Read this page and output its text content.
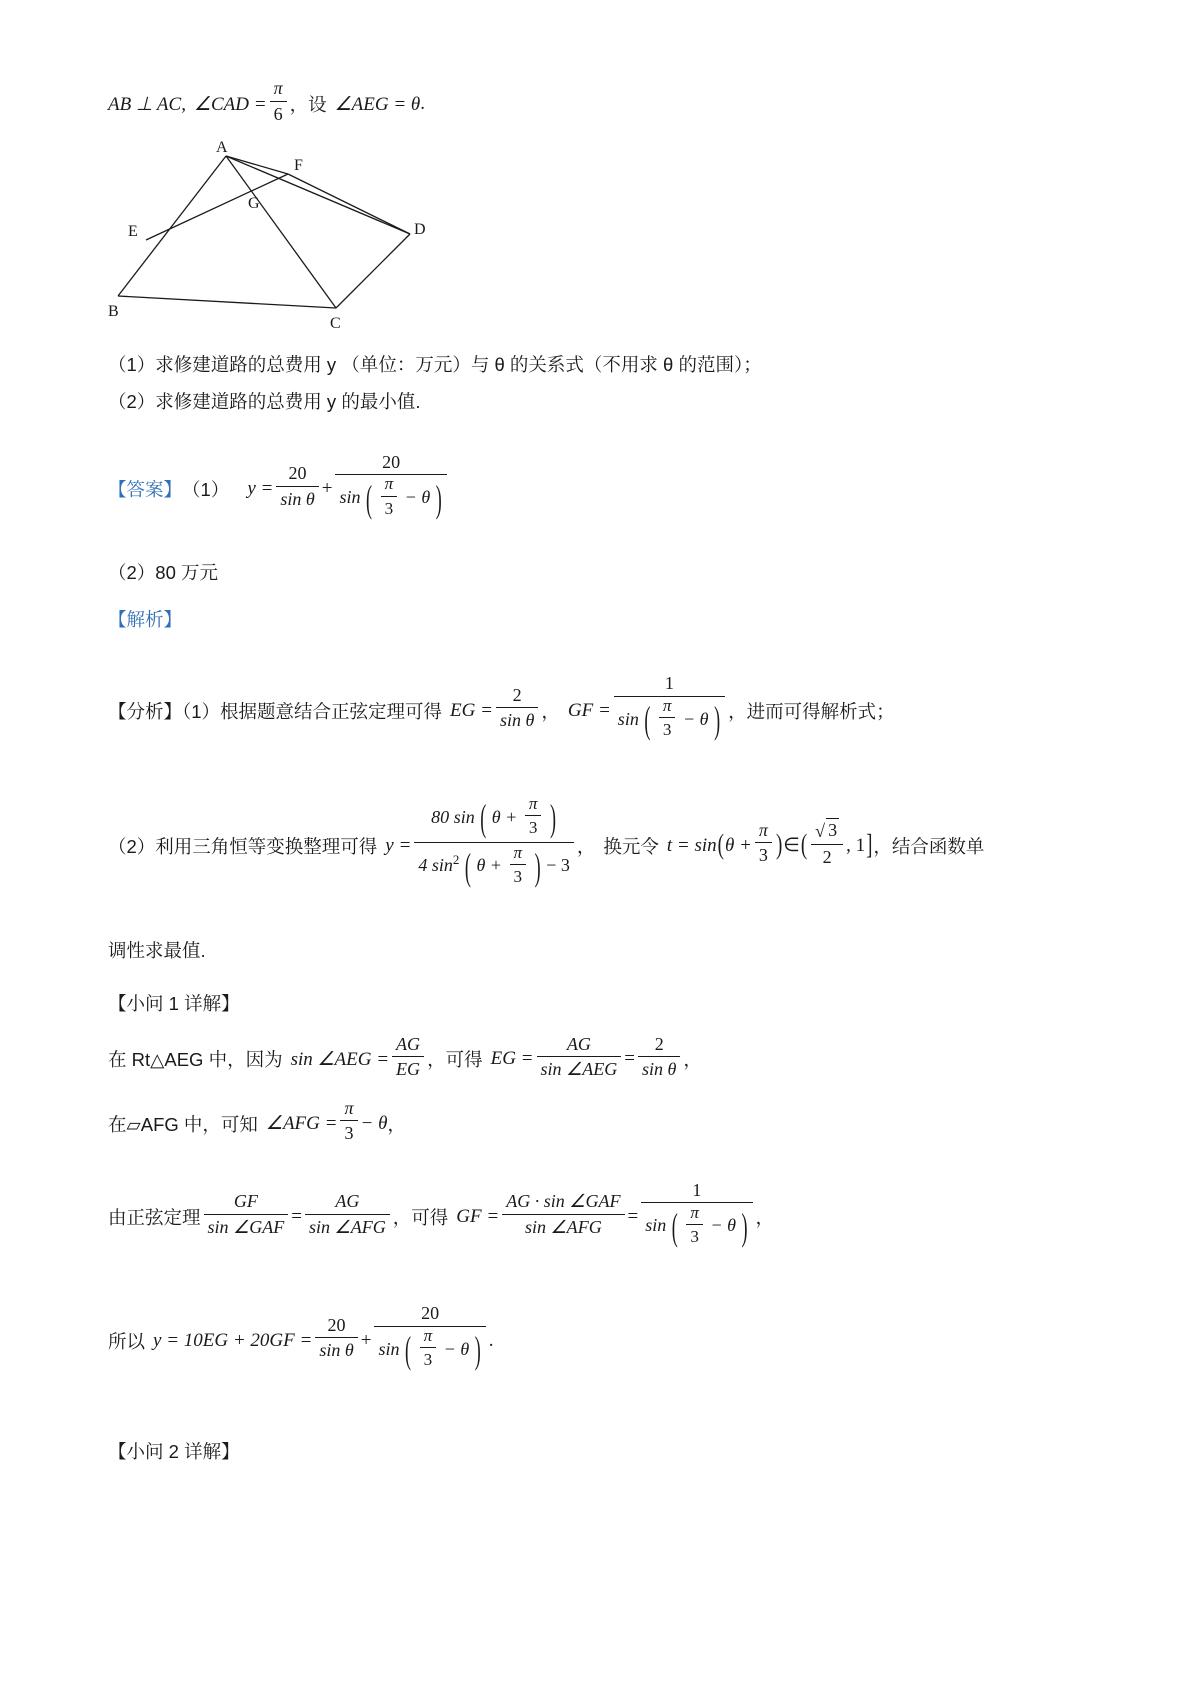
AB ⊥ AC, ∠CAD = $\frac{\pi}{6}$ ， 设 ∠AEG = θ .
A
F
G
E	D
B
C
（1）求修建道路的总费用 y （单位：万元）与 θ 的关系式（不用求 θ 的范围）；
（2）求修建道路的总费用 y 的最小值.
【答案】 （1） $y = \frac{20}{\text{sin θ}}$ +
20
sin ( $\frac{\pi}{3} - \theta$ )
（2）80 万元
【解析】
【分析】（1）根据题意结合正弦定理可得 EG = $\frac{2}{\text{sin θ}}$ ， GF =
1
sin ( $\frac{\pi}{3} - \theta$ ) ，进而可得解析式；
（2）利用三角恒等变换整理可得 y =
80 sin ( $\theta + \frac{\pi}{3}$ )
4 $\sin^2$ ( $\theta + \frac{\pi}{3}$ ) − 3
， 换元令 t = sin ( $\theta + \frac{\pi}{3}$ ) ∈ ( $\frac{√ 3}{2}$ , 1 ] ，结合函数单
调性求最值.
【小问 1 详解】
在 Rt△AEG 中，因为 sin ∠AEG = $\frac{AG}{EG}$ ，可得 EG = $\frac{AG}{\text{sin ∠AEG}} = \frac{2}{\text{sin θ}}$ ，
在▱AFG 中，可知 ∠AFG = $\frac{\pi}{3} - \theta$ ，
由正弦定理 $\frac{GF}{\text{sin ∠GAF}} = \frac{AG}{\text{sin ∠AFG}}$ ，可得 GF = $\frac{\text{AG · sin ∠GAF}}{\text{sin ∠AFG}}$ =
1
sin ( $\frac{\pi}{3} - \theta$ ) ，
所以 $y = 10EG + 20GF = \frac{20}{\text{sin θ}}$ +
20
sin ( $\frac{\pi}{3} - \theta$ ) .
【小问 2 详解】
